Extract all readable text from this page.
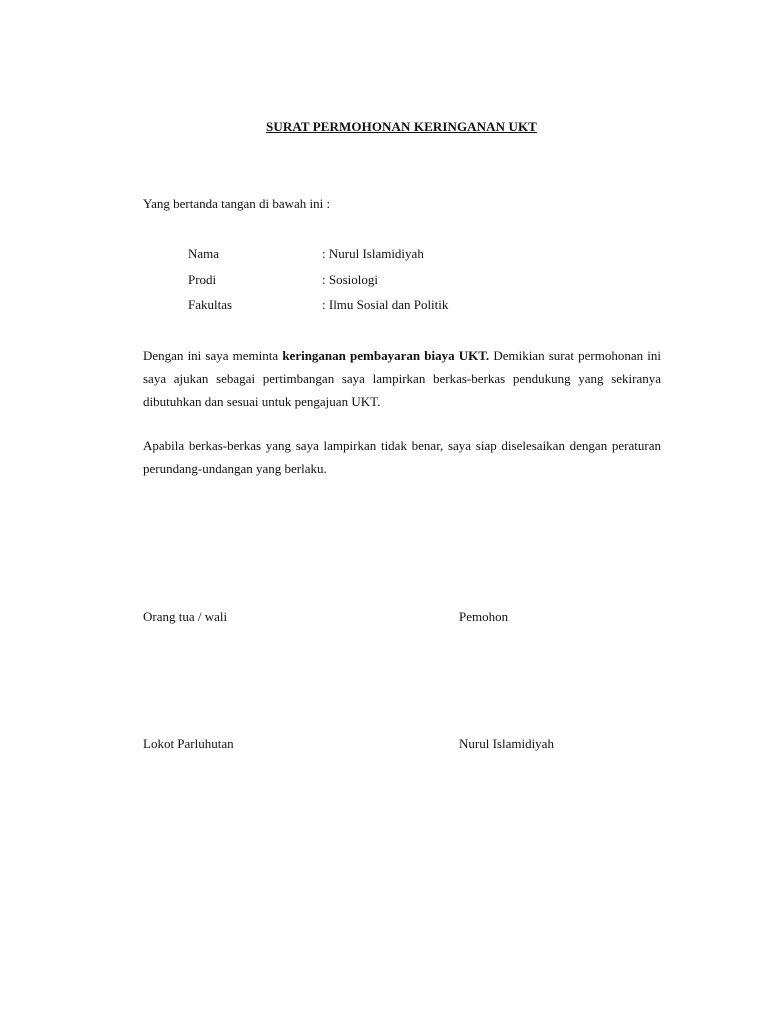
SURAT PERMOHONAN KERINGANAN UKT
Yang bertanda tangan di bawah ini :
Nama	: Nurul Islamidiyah
Prodi	: Sosiologi
Fakultas	: Ilmu Sosial dan Politik
Dengan ini saya meminta keringanan pembayaran biaya UKT. Demikian surat permohonan ini saya ajukan sebagai pertimbangan saya lampirkan berkas-berkas pendukung yang sekiranya dibutuhkan dan sesuai untuk pengajuan UKT.
Apabila berkas-berkas yang saya lampirkan tidak benar, saya siap diselesaikan dengan peraturan perundang-undangan yang berlaku.
Orang tua / wali	Pemohon
Lokot Parluhutan	Nurul Islamidiyah
